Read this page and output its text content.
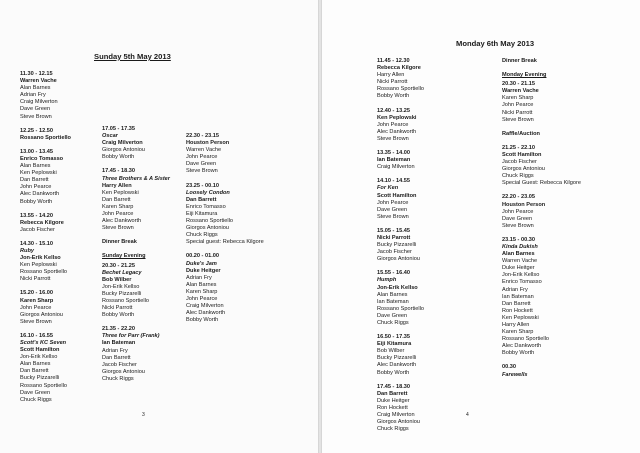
Sunday 5th May 2013
11.30 - 12.15
Warren Vache
Alan Barnes
Adrian Fry
Craig Milverton
Dave Green
Steve Brown
12.25 - 12.50
Rossano Sportiello
13.00 - 13.45
Enrico Tomasso
Alan Barnes
Ken Peplowski
Dan Barrett
John Pearce
Alec Dankworth
Bobby Worth
13.55 - 14.20
Rebecca Kilgore
Jacob Fischer
14.30 - 15.10
Ruby
Jon-Erik Kellso
Ken Peplowski
Rossano Sportiello
Nicki Parrott
15.20 - 16.00
Karen Sharp
John Pearce
Giorgos Antoniou
Steve Brown
16.10 - 16.55
Scott's KC Seven
Scott Hamilton
Jon-Erik Kellso
Alan Barnes
Dan Barrett
Bucky Pizzarelli
Rossano Sportiello
Dave Green
Chuck Riggs
17.05 - 17.35
Oscar
Craig Milverton
Giorgos Antoniou
Bobby Worth
17.45 - 18.30
Three Brothers & A Sister
Harry Allen
Ken Peplowski
Dan Barrett
Karen Sharp
John Pearce
Alec Dankworth
Steve Brown
Dinner Break
Sunday Evening
20.30 - 21.25
Bechet Legacy
Bob Wilber
Jon-Erik Kellso
Bucky Pizzarelli
Rossano Sportiello
Nicki Parrott
Bobby Worth
21.35 - 22.20
Three for Parr (Frank)
Ian Bateman
Adrian Fry
Dan Barrett
Jacob Fischer
Giorgos Antoniou
Chuck Riggs
22.30 - 23.15
Houston Person
Warren Vache
John Pearce
Dave Green
Steve Brown
23.25 - 00.10
Loosely Condon
Dan Barrett
Enrico Tomasso
Eiji Kitamura
Rossano Sportiello
Giorgos Antoniou
Chuck Riggs
Special guest: Rebecca Kilgore
00.20 - 01.00
Duke's Jam
Duke Heitger
Adrian Fry
Alan Barnes
Karen Sharp
John Pearce
Craig Milverton
Alec Dankworth
Bobby Worth
3
Monday 6th May 2013
11.45 - 12.30
Rebecca Kilgore
Harry Allen
Nicki Parrott
Rossano Sportiello
Bobby Worth
12.40 - 13.25
Ken Peplowski
John Pearce
Alec Dankworth
Steve Brown
13.35 - 14.00
Ian Bateman
Craig Milverton
14.10 - 14.55
For Ken
Scott Hamilton
John Pearce
Dave Green
Steve Brown
15.05 - 15.45
Nicki Parrott
Bucky Pizzarelli
Jacob Fischer
Giorgos Antoniou
15.55 - 16.40
Humph
Jon-Erik Kellso
Alan Barnes
Ian Bateman
Rossano Sportiello
Dave Green
Chuck Riggs
16.50 - 17.35
Eiji Kitamura
Bob Wilber
Bucky Pizzarelli
Alec Dankworth
Bobby Worth
17.45 - 18.30
Dan Barrett
Duke Heitger
Ron Hockett
Craig Milverton
Giorgos Antoniou
Chuck Riggs
Dinner Break
Monday Evening
20.30 - 21.15
Warren Vache
Karen Sharp
John Pearce
Nicki Parrott
Steve Brown
Raffle/Auction
21.25 - 22.10
Scott Hamilton
Jacob Fischer
Giorgos Antoniou
Chuck Riggs
Special Guest: Rebecca Kilgore
22.20 - 23.05
Houston Person
John Pearce
Dave Green
Steve Brown
23.15 - 00.30
Kinda Dukish
Alan Barnes
Warren Vache
Duke Heitger
Jon-Erik Kellso
Enrico Tomasso
Adrian Fry
Ian Bateman
Dan Barrett
Ron Hockett
Ken Peplowski
Harry Allen
Karen Sharp
Rossano Sportiello
Alec Dankworth
Bobby Worth
00.30
Farewells
4
